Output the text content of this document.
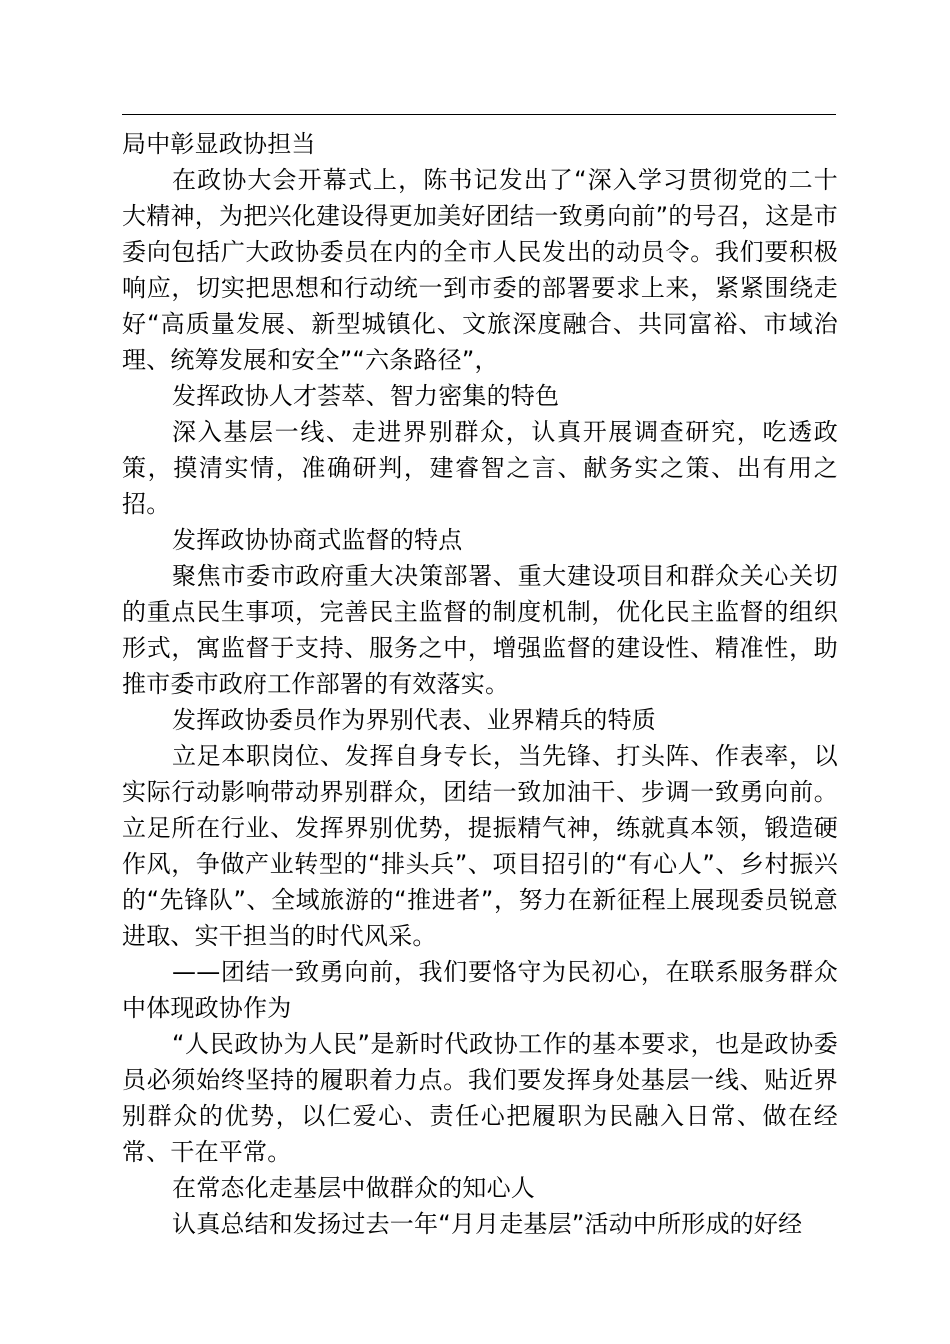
局中彰显政协担当

在政协大会开幕式上，陈书记发出了“深入学习贯彻党的二十大精神，为把兴化建设得更加美好团结一致勇向前”的号召，这是市委向包括广大政协委员在内的全市人民发出的动员令。我们要积极响应，切实把思想和行动统一到市委的部署要求上来，紧紧围绕走好“高质量发展、新型城镇化、文旅深度融合、共同富裕、市域治理、统筹发展和安全”“六条路径”，

发挥政协人才荟萃、智力密集的特色

深入基层一线、走进界别群众，认真开展调查研究，吃透政策，摸清实情，准确研判，建睿智之言、献务实之策、出有用之招。

发挥政协协商式监督的特点

聚焦市委市政府重大决策部署、重大建设项目和群众关心关切的重点民生事项，完善民主监督的制度机制，优化民主监督的组织形式，寓监督于支持、服务之中，增强监督的建设性、精准性，助推市委市政府工作部署的有效落实。

发挥政协委员作为界别代表、业界精兵的特质

立足本职岗位、发挥自身专长，当先锋、打头阵、作表率，以实际行动影响带动界别群众，团结一致加油干、步调一致勇向前。立足所在行业、发挥界别优势，提振精气神，练就真本领，锻造硬作风，争做产业转型的“排头兵”、项目招引的“有心人”、乡村振兴的“先锋队”、全域旅游的“推进者”，努力在新征程上展现委员锐意进取、实干担当的时代风采。

——团结一致勇向前，我们要恪守为民初心，在联系服务群众中体现政协作为

“人民政协为人民”是新时代政协工作的基本要求，也是政协委员必须始终坚持的履职着力点。我们要发挥身处基层一线、贴近界别群众的优势，以仁爱心、责任心把履职为民融入日常、做在经常、干在平常。

在常态化走基层中做群众的知心人

认真总结和发扬过去一年“月月走基层”活动中所形成的好经
